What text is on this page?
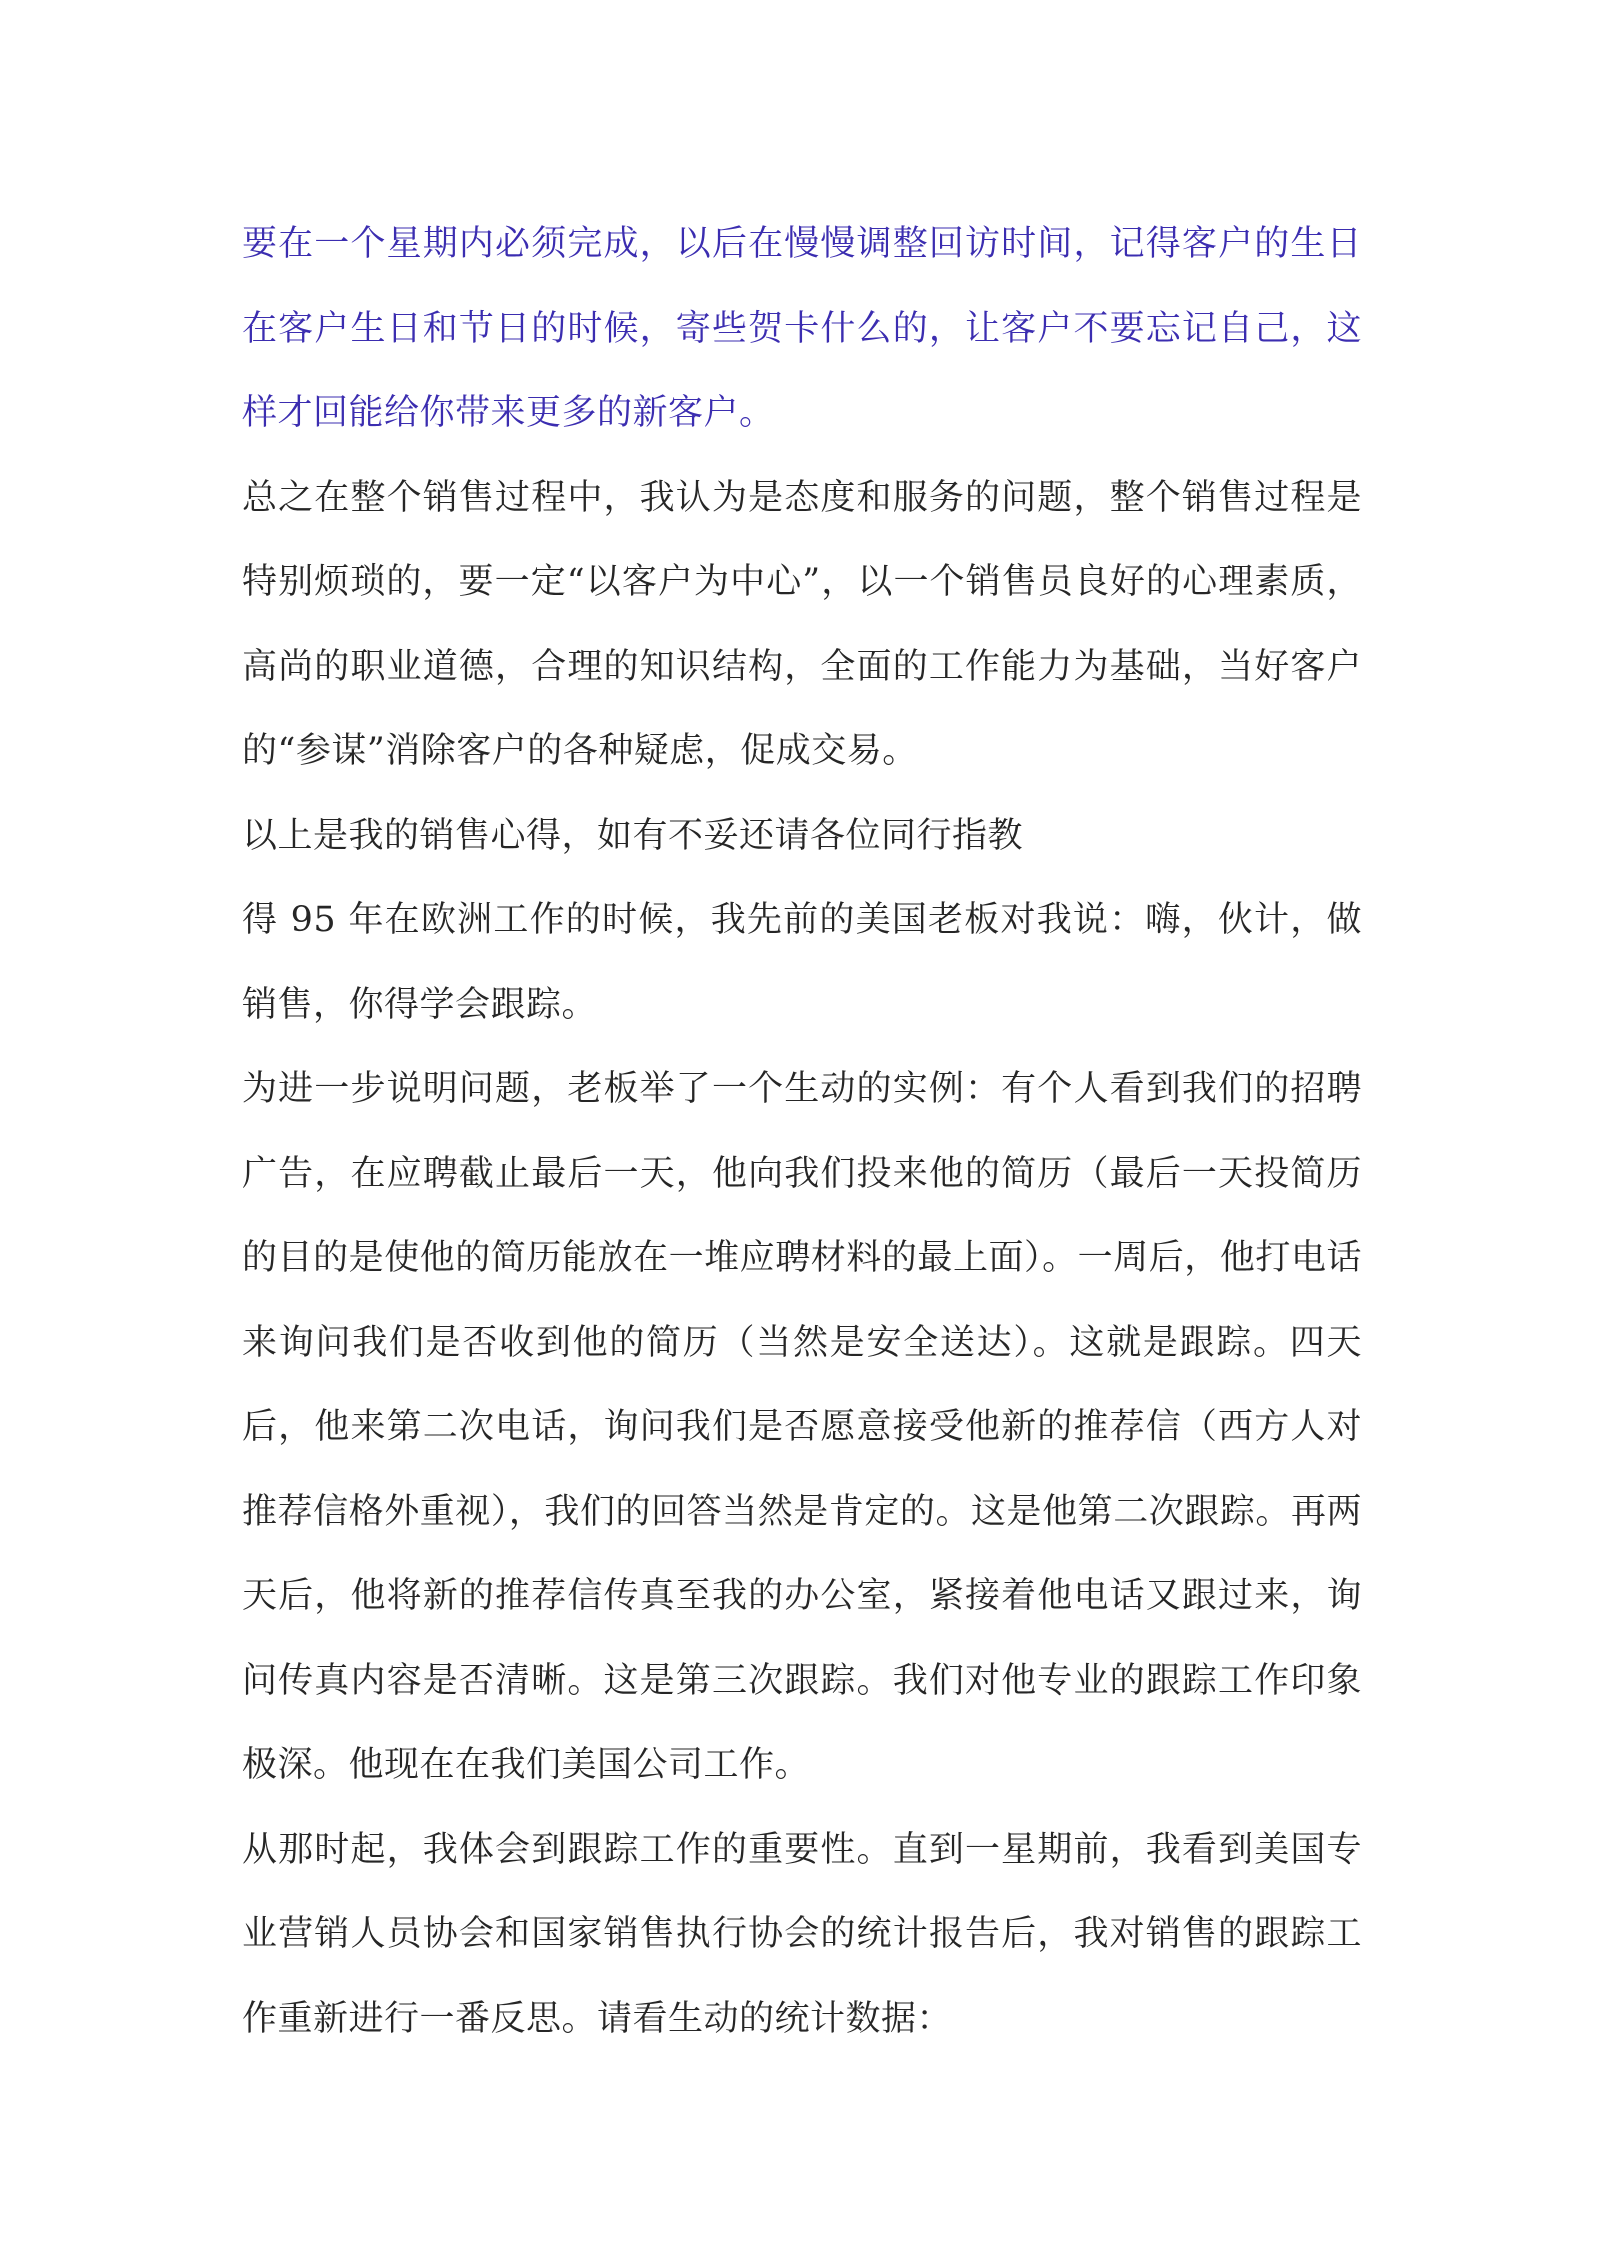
要在一个星期内必须完成，以后在慢慢调整回访时间，记得客户的生日在客户生日和节日的时候，寄些贺卡什么的，让客户不要忘记自己，这样才回能给你带来更多的新客户。

总之在整个销售过程中，我认为是态度和服务的问题，整个销售过程是特别烦琐的，要一定“以客户为中心”，以一个销售员良好的心理素质，高尚的职业道德，合理的知识结构，全面的工作能力为基础，当好客户的“参谋”消除客户的各种疑虑，促成交易。

以上是我的销售心得，如有不妥还请各位同行指教

得 95 年在欧洲工作的时候，我先前的美国老板对我说：嗨，伙计，做销售，你得学会跟踪。

为进一步说明问题，老板举了一个生动的实例：有个人看到我们的招聘广告，在应聘截止最后一天，他向我们投来他的简历（最后一天投简历的目的是使他的简历能放在一堆应聘材料的最上面）。一周后，他打电话来询问我们是否收到他的简历（当然是安全送达）。这就是跟踪。四天后，他来第二次电话，询问我们是否愿意接受他新的推荐信（西方人对推荐信格外重视），我们的回答当然是肯定的。这是他第二次跟踪。再两天后，他将新的推荐信传真至我的办公室，紧接着他电话又跟过来，询问传真内容是否清晰。这是第三次跟踪。我们对他专业的跟踪工作印象极深。他现在在我们美国公司工作。

从那时起，我体会到跟踪工作的重要性。直到一星期前，我看到美国专业营销人员协会和国家销售执行协会的统计报告后，我对销售的跟踪工作重新进行一番反思。请看生动的统计数据：
